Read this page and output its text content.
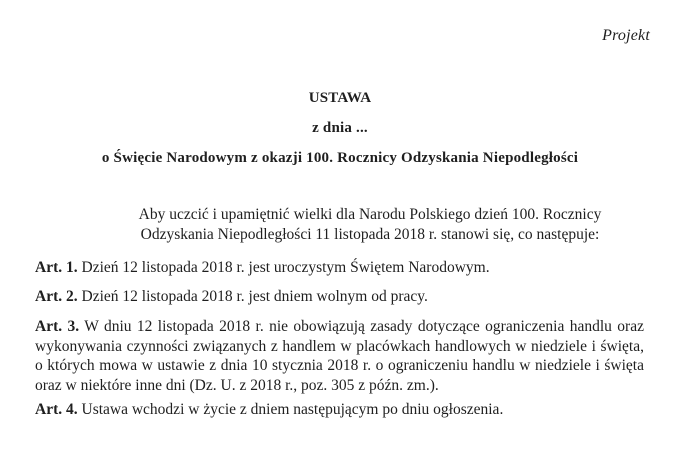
Projekt
USTAWA
z dnia ...
o Święcie Narodowym z okazji 100. Rocznicy Odzyskania Niepodległości
Aby uczcić i upamiętnić wielki dla Narodu Polskiego dzień 100. Rocznicy Odzyskania Niepodległości 11 listopada 2018 r. stanowi się, co następuje:
Art. 1. Dzień 12 listopada 2018 r. jest uroczystym Świętem Narodowym.
Art. 2. Dzień 12 listopada 2018 r. jest dniem wolnym od pracy.
Art. 3. W dniu 12 listopada 2018 r. nie obowiązują zasady dotyczące ograniczenia handlu oraz wykonywania czynności związanych z handlem w placówkach handlowych w niedziele i święta, o których mowa w ustawie z dnia 10 stycznia 2018 r. o ograniczeniu handlu w niedziele i święta oraz w niektóre inne dni (Dz. U. z 2018 r., poz. 305 z późn. zm.).
Art. 4. Ustawa wchodzi w życie z dniem następującym po dniu ogłoszenia.
